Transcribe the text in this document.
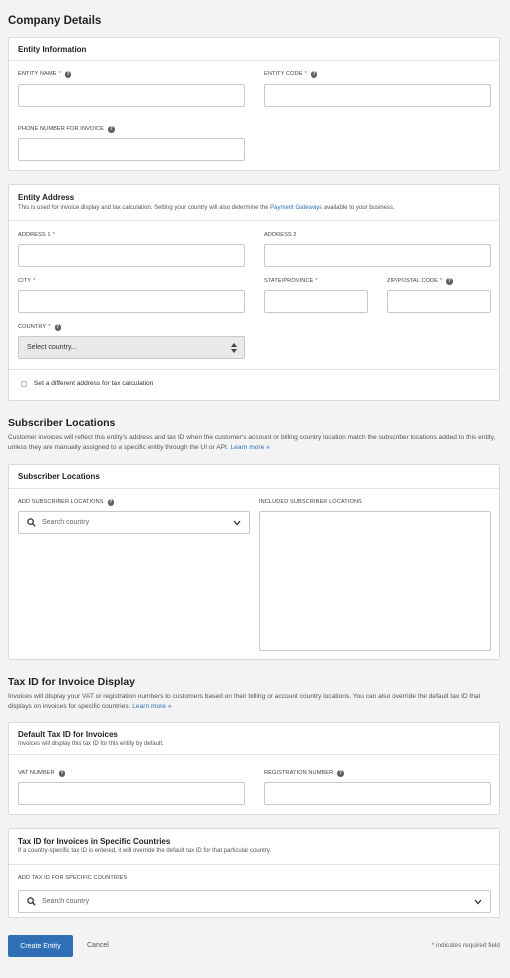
Company Details
Entity Information
ENTITY NAME *	?	ENTITY CODE *	?
PHONE NUMBER FOR INVOICE	?
Entity Address
This is used for invoice display and tax calculation. Setting your country will also determine the Payment Gateways available to your business.
ADDRESS 1 *	ADDRESS 2
CITY *	STATE/PROVINCE *	ZIP/POSTAL CODE *	?
COUNTRY *	?
Select country...
Set a different address for tax calculation
Subscriber Locations
Customer invoices will reflect this entity's address and tax ID when the customer's account or billing country location match the subscriber locations added to this entity, unless they are manually assigned to a specific entity through the UI or API. Learn more »
Subscriber Locations
ADD SUBSCRIBER LOCATIONS	?
Search country
INCLUDED SUBSCRIBER LOCATIONS
Tax ID for Invoice Display
Invoices will display your VAT or registration numbers to customers based on their billing or account country locations. You can also override the default tax ID that displays on invoices for specific countries. Learn more »
Default Tax ID for Invoices
Invoices will display this tax ID for this entity by default.
VAT NUMBER	?	REGISTRATION NUMBER	?
Tax ID for Invoices in Specific Countries
If a country-specific tax ID is entered, it will override the default tax ID for that particular country.
ADD TAX ID FOR SPECIFIC COUNTRIES
Search country
Create Entity	Cancel	* indicates required field
